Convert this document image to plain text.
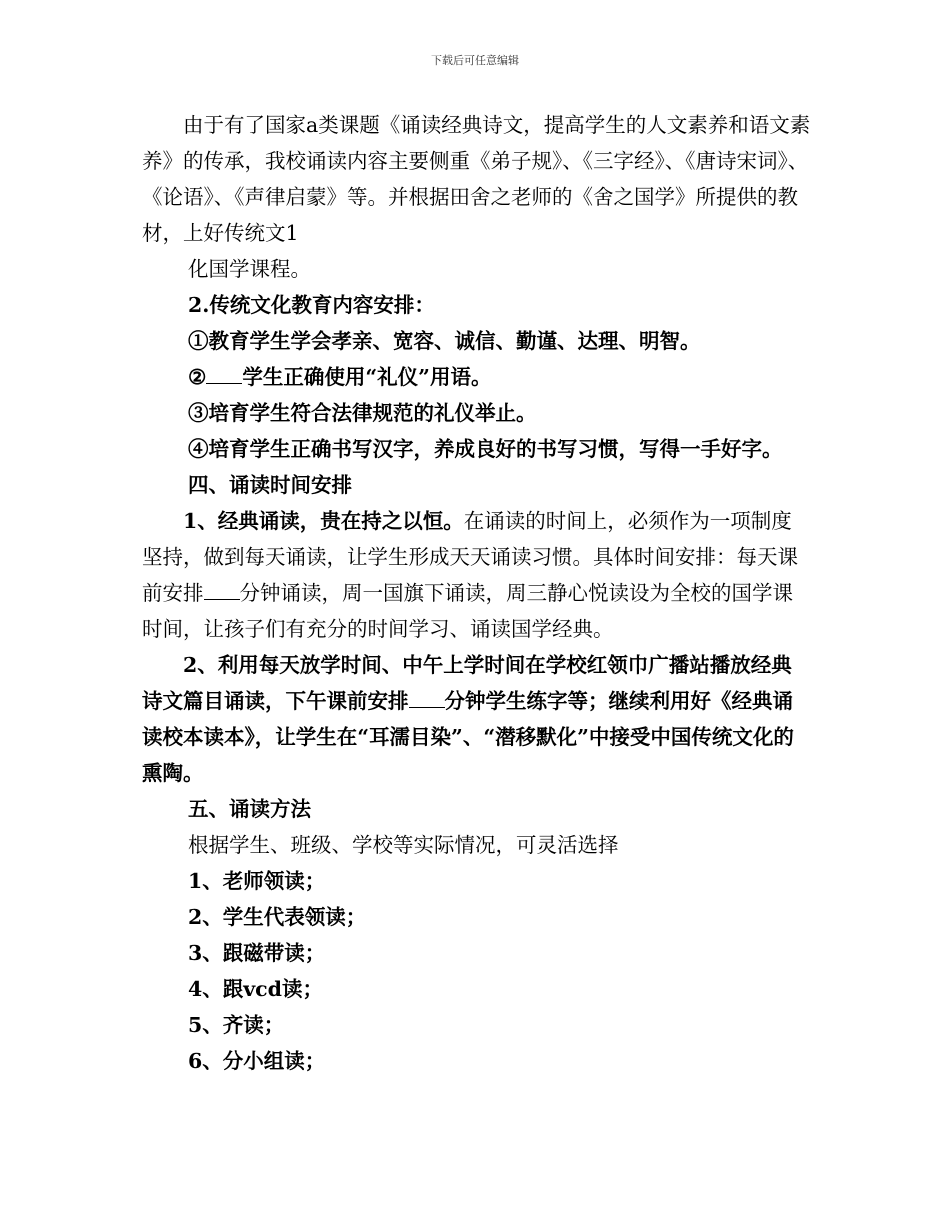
下载后可任意编辑

由于有了国家a类课题《诵读经典诗文，提高学生的人文素养和语文素养》的传承，我校诵读内容主要侧重《弟子规》、《三字经》、《唐诗宋词》、《论语》、《声律启蒙》等。并根据田舍之老师的《舍之国学》所提供的教材，上好传统文1

化国学课程。

2.传统文化教育内容安排：

①教育学生学会孝亲、宽容、诚信、勤谨、达理、明智。

② 学生正确使用“礼仪”用语。

③培育学生符合法律规范的礼仪举止。

④培育学生正确书写汉字，养成良好的书写习惯，写得一手好字。

四、诵读时间安排

1、经典诵读，贵在持之以恒。在诵读的时间上，必须作为一项制度坚持，做到每天诵读，让学生形成天天诵读习惯。具体时间安排：每天课前安排 分钟诵读，周一国旗下诵读，周三静心悦读设为全校的国学课时间，让孩子们有充分的时间学习、诵读国学经典。

2、利用每天放学时间、中午上学时间在学校红领巾广播站播放经典诗文篇目诵读，下午课前安排 分钟学生练字等；继续利用好《经典诵读校本读本》，让学生在“耳濡目染”、“潜移默化”中接受中国传统文化的熏陶。

五、诵读方法

根据学生、班级、学校等实际情况，可灵活选择

1、老师领读；

2、学生代表领读；

3、跟磁带读；

4、跟vcd读；

5、齐读；

6、分小组读；
